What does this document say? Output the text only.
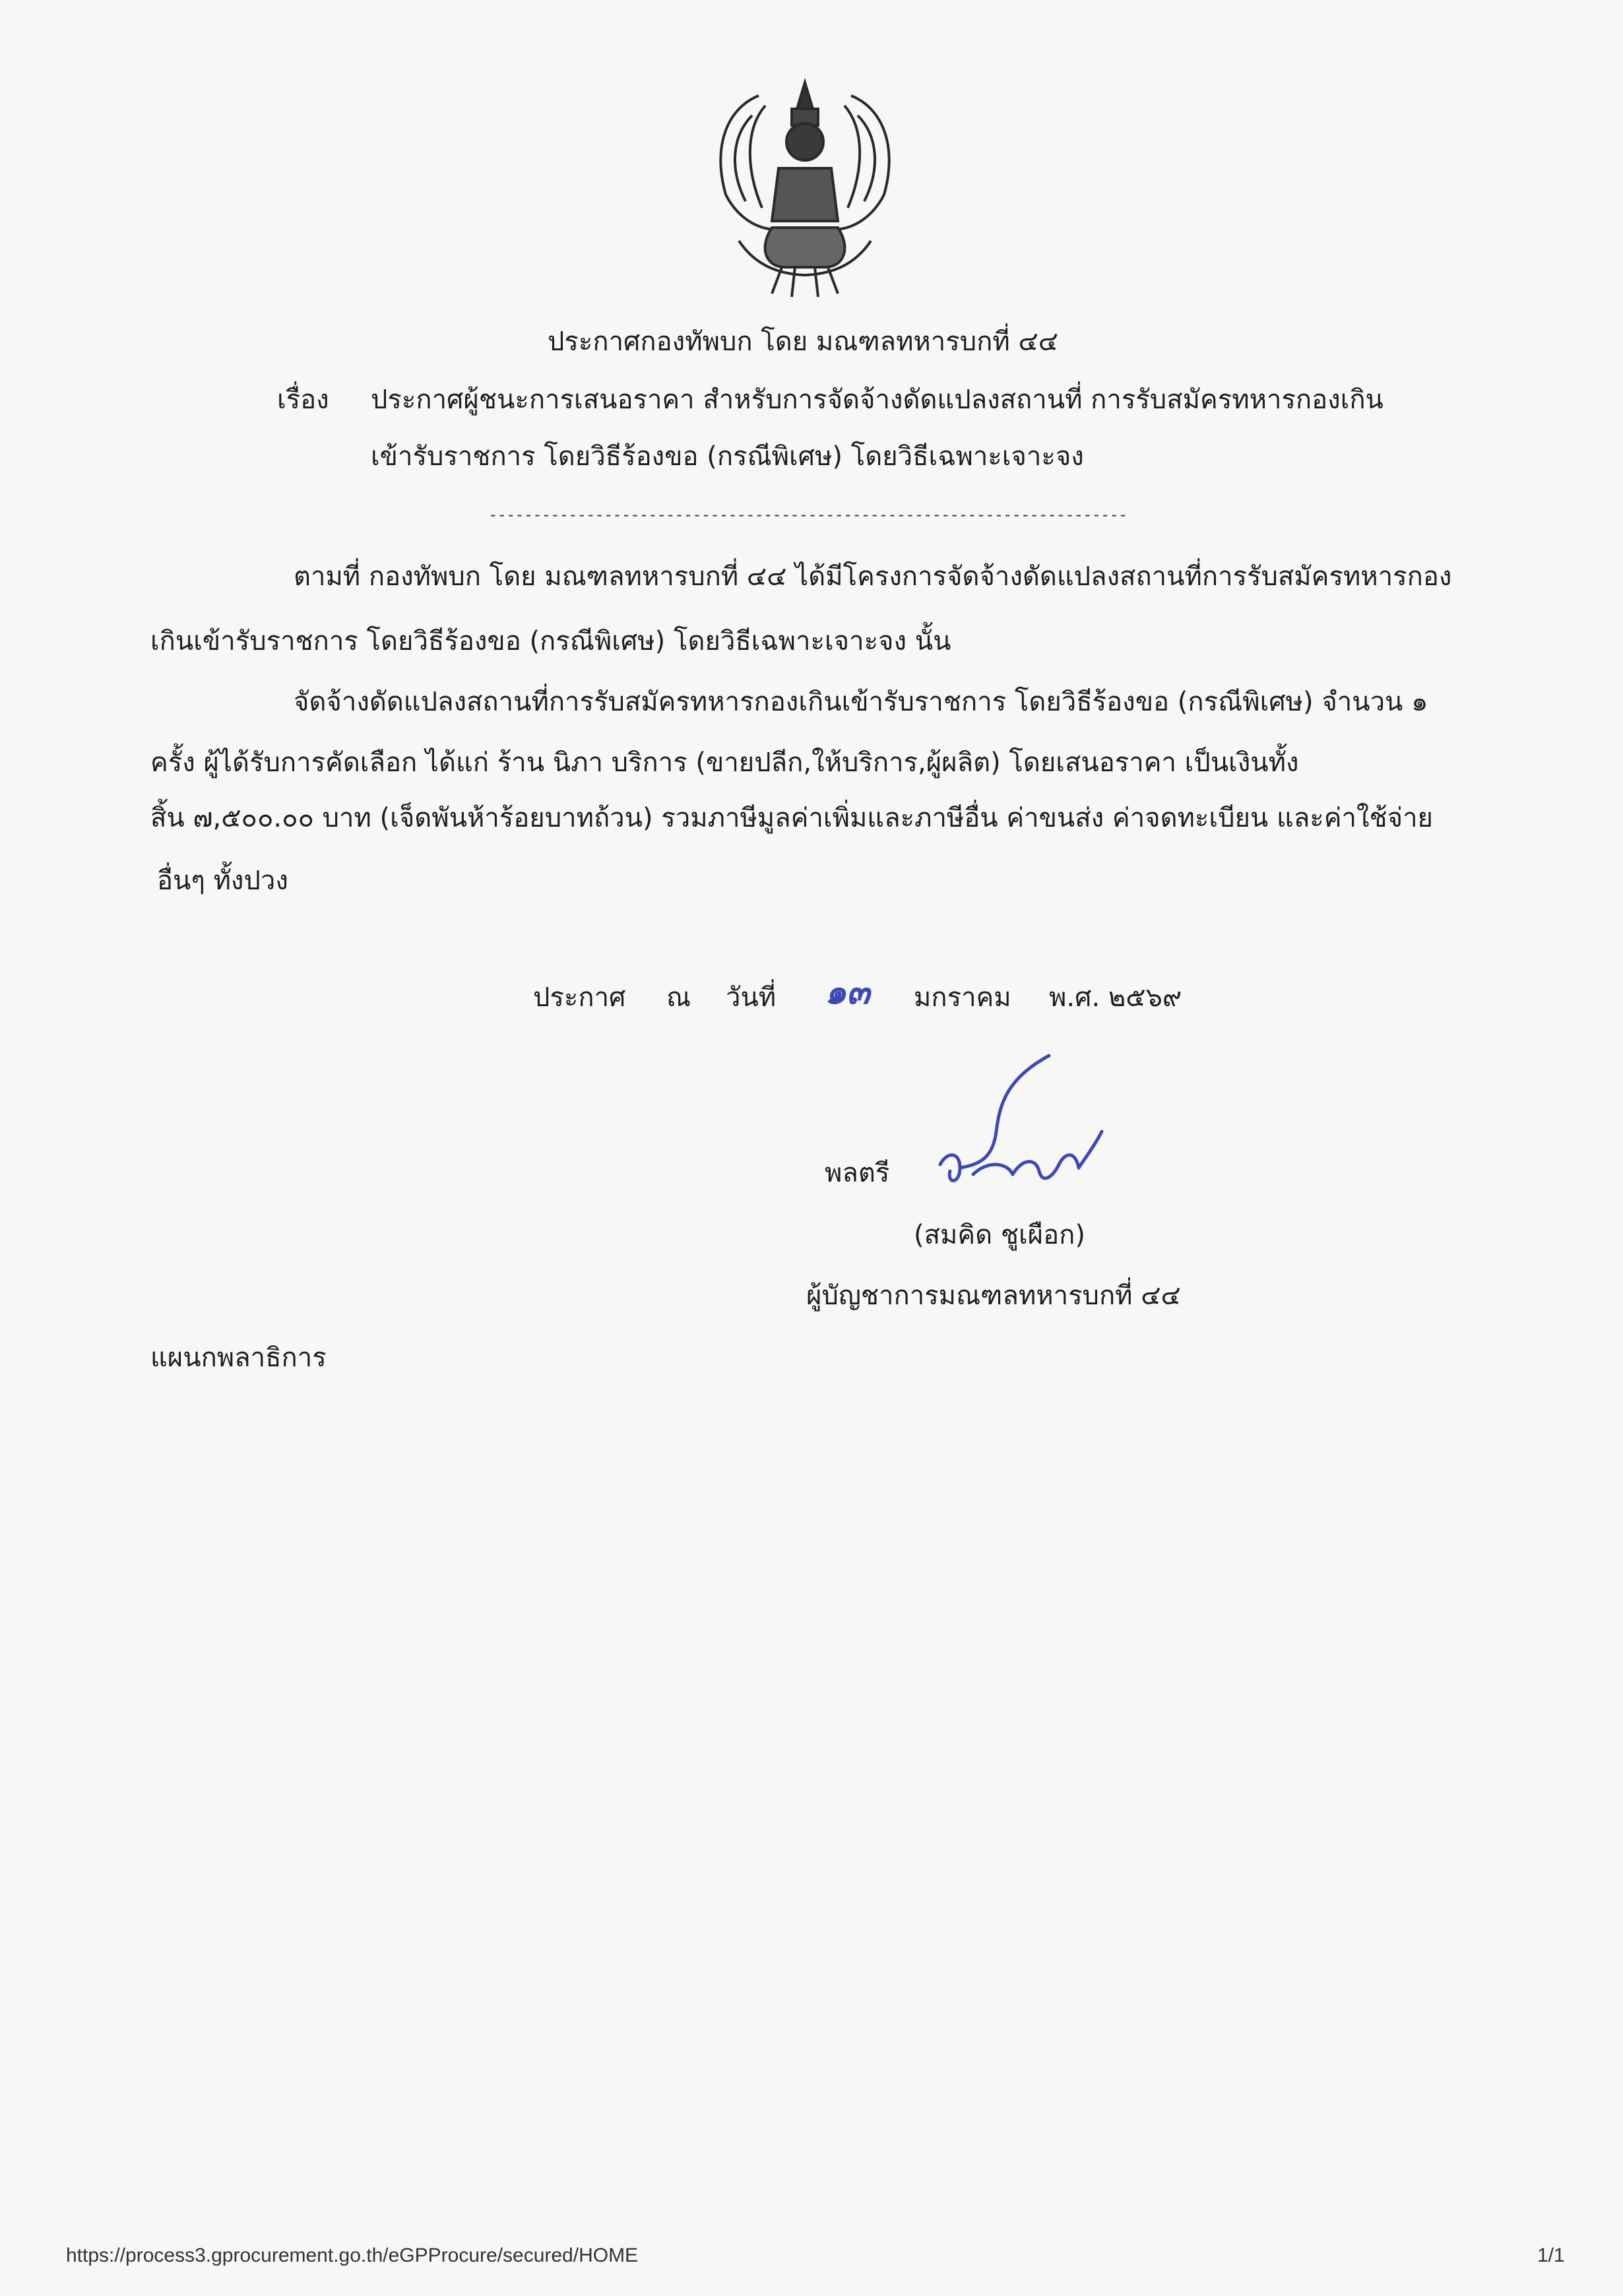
ประกาศกองทัพบก โดย มณฑลทหารบกที่ ๔๔
เรื่อง ประกาศผู้ชนะการเสนอราคา สำหรับการจัดจ้างดัดแปลงสถานที่ การรับสมัครทหารกองเกิน
เข้ารับราชการ โดยวิธีร้องขอ (กรณีพิเศษ) โดยวิธีเฉพาะเจาะจง
------------------------------------------------------------------------
ตามที่ กองทัพบก โดย มณฑลทหารบกที่ ๔๔ ได้มีโครงการจัดจ้างดัดแปลงสถานที่การรับสมัครทหารกอง
เกินเข้ารับราชการ โดยวิธีร้องขอ (กรณีพิเศษ) โดยวิธีเฉพาะเจาะจง นั้น
จัดจ้างดัดแปลงสถานที่การรับสมัครทหารกองเกินเข้ารับราชการ โดยวิธีร้องขอ (กรณีพิเศษ) จำนวน ๑
ครั้ง ผู้ได้รับการคัดเลือก ได้แก่ ร้าน นิภา บริการ (ขายปลีก,ให้บริการ,ผู้ผลิต) โดยเสนอราคา เป็นเงินทั้ง
สิ้น ๗,๕๐๐.๐๐ บาท (เจ็ดพันห้าร้อยบาทถ้วน) รวมภาษีมูลค่าเพิ่มและภาษีอื่น ค่าขนส่ง ค่าจดทะเบียน และค่าใช้จ่าย
อื่นๆ ทั้งปวง
ประกาศ ณ วันที่ ๑๓ มกราคม พ.ศ. ๒๕๖๙
พลตรี
(สมคิด ชูเผือก)
ผู้บัญชาการมณฑลทหารบกที่ ๔๔
แผนกพลาธิการ
https://process3.gprocurement.go.th/eGPProcure/secured/HOME	1/1
